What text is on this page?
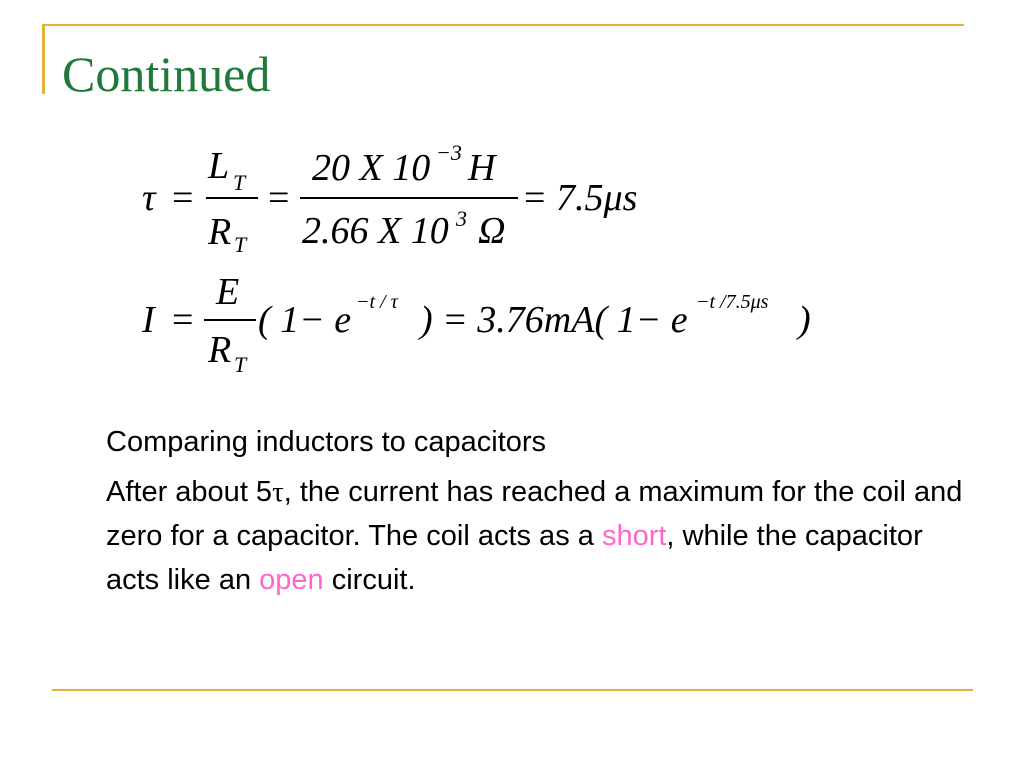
Continued
τ =
L T
R T
=
20 X 10 −3 H
2.66 X 10 3 Ω
= 7.5μs
I =
E
R T
( 1− e −t / τ ) = 3.76mA( 1− e −t /7.5μs )

Comparing inductors to capacitors

After about 5τ, the current has reached a maximum for the coil and zero for a capacitor. The coil acts as a short, while the capacitor acts like an open circuit.
